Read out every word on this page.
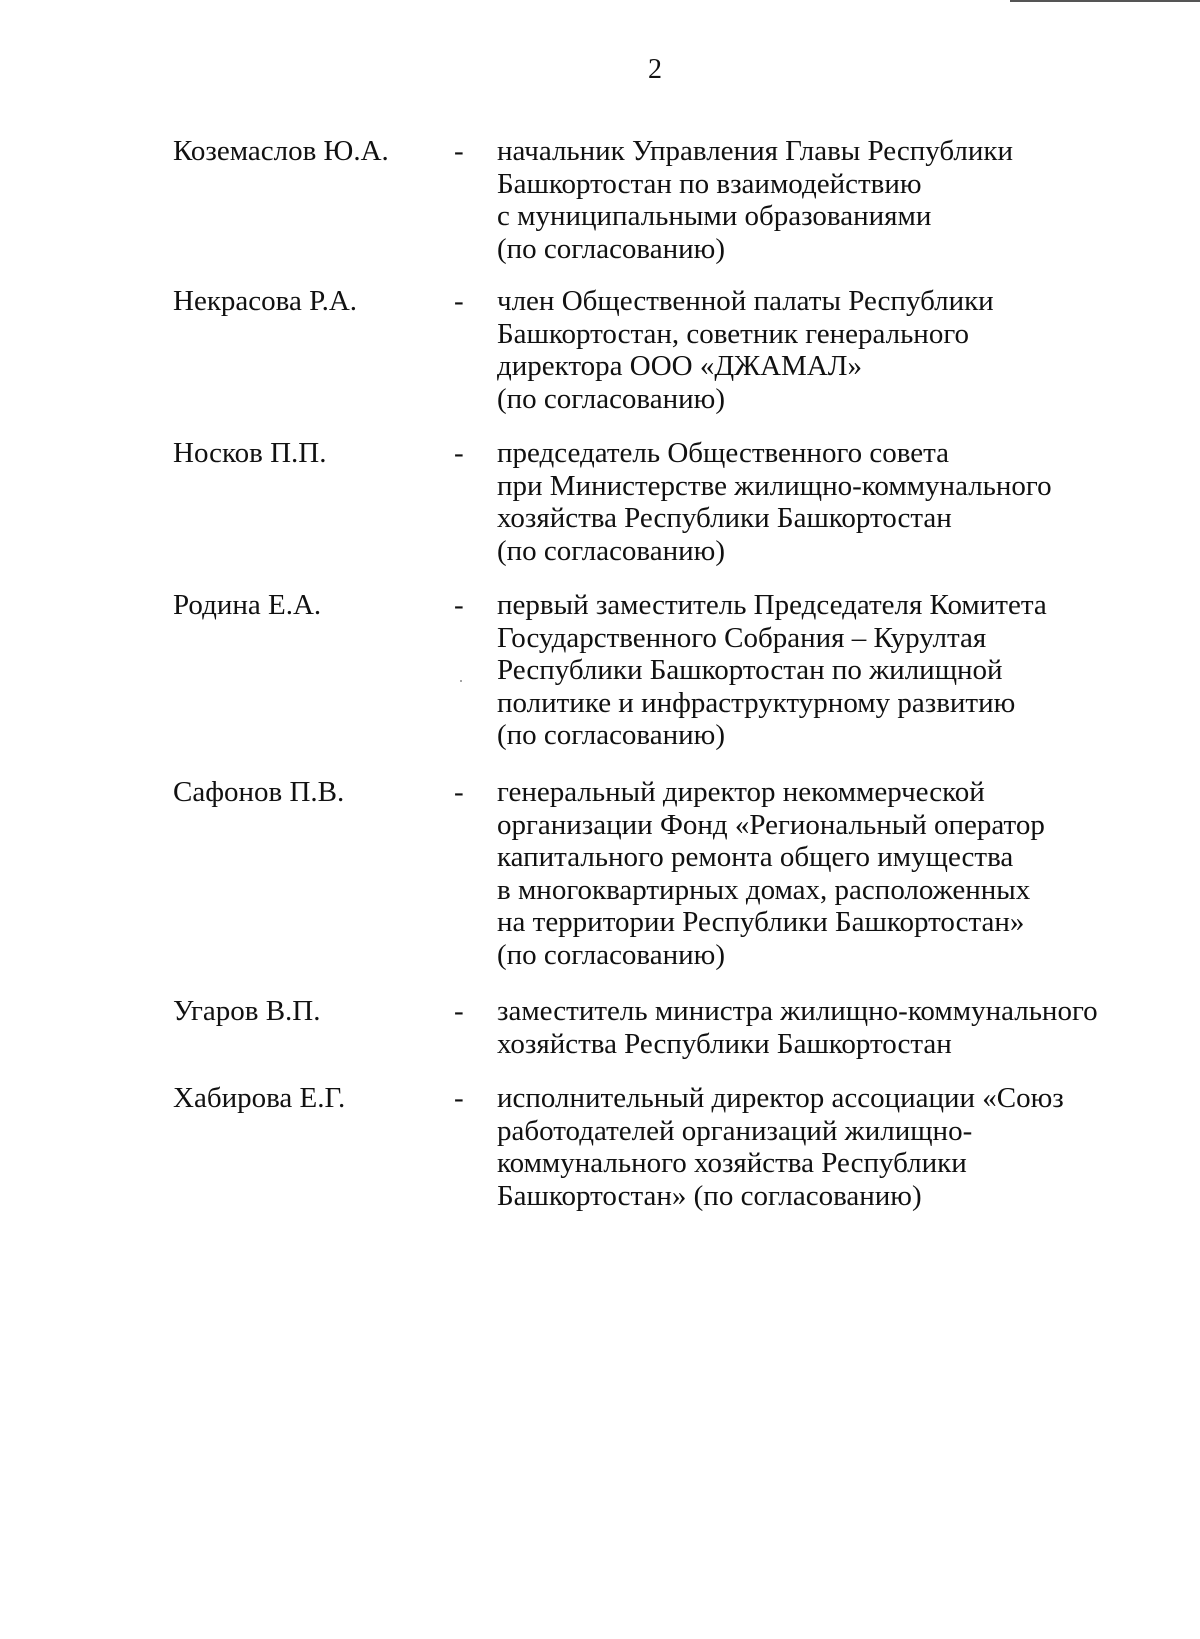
2
Коземаслов Ю.А. - начальник Управления Главы Республики
Башкортостан по взаимодействию
с муниципальными образованиями
(по согласованию)
Некрасова Р.А.	- член Общественной палаты Республики
Башкортостан, советник генерального
директора ООО «ДЖАМАЛ»
(по согласованию)
Носков П.П.	- председатель Общественного совета
при Министерстве жилищно-коммунального
хозяйства Республики Башкортостан
(по согласованию)
Родина Е.А.	- первый заместитель Председателя Комитета
Государственного Собрания – Курултая
Республики Башкортостан по жилищной
политике и инфраструктурному развитию
(по согласованию)
Сафонов П.В.	- генеральный директор некоммерческой
организации Фонд «Региональный оператор
капитального ремонта общего имущества
в многоквартирных домах, расположенных
на территории Республики Башкортостан»
(по согласованию)
Угаров В.П.	- заместитель министра жилищно-коммунального
хозяйства Республики Башкортостан
Хабирова Е.Г.	- исполнительный директор ассоциации «Союз
работодателей организаций жилищно-
коммунального хозяйства Республики
Башкортостан» (по согласованию)
